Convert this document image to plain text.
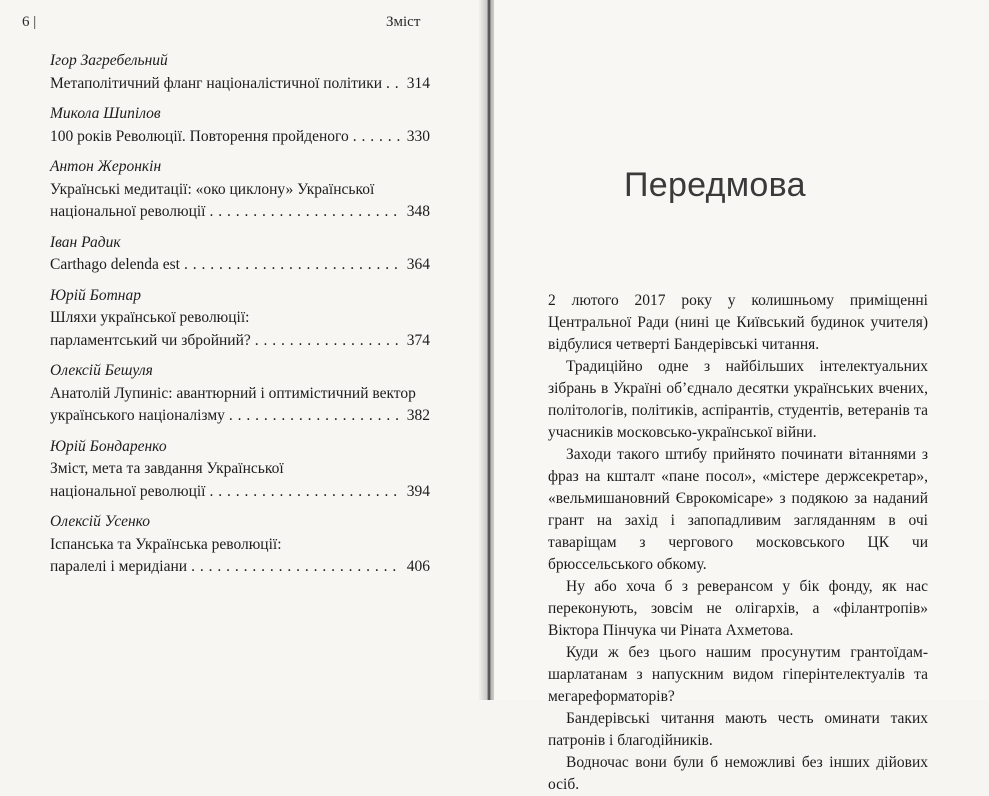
6 |	Зміст
Ігор Загребельний
Метаполітичний фланг націоналістичної політики . . . 314
Микола Шипілов
100 років Революції. Повторення пройденого . . .	330
Антон Жеронкін
Українські медитації: «око циклону» Української
національної революції . . .	348
Іван Радик
Carthago delenda est . . .	364
Юрій Ботнар
Шляхи української революції:
парламентський чи збройний? . . .	374
Олексій Бешуля
Анатолій Лупиніс: авантюрний і оптимістичний вектор
українського націоналізму . . .	382
Юрій Бондаренко
Зміст, мета та завдання Української
національної революції . . .	394
Олексій Усенко
Іспанська та Українська революції:
паралелі і меридіани . . .	406
Передмова

2 лютого 2017 року у колишньому приміщенні Центральної Ради (нині це Київський будинок учителя) відбулися четверті Бандерівські читання.

Традиційно одне з найбільших інтелектуальних зібрань в Україні об’єднало десятки українських вчених, політологів, політиків, аспірантів, студентів, ветеранів та учасників московсько-української війни.

Заходи такого штибу прийнято починати вітаннями з фраз на кшталт «пане посол», «містере держсекретар», «вельмишановний Єврокомісаре» з подякою за наданий грант на захід і запопадливим загляданням в очі таваріщам з чергового московського ЦК чи брюссельського обкому.

Ну або хоча б з реверансом у бік фонду, як нас переконують, зовсім не олігархів, а «філантропів» Віктора Пінчука чи Ріната Ахметова.

Куди ж без цього нашим просунутим грантоїдам-шарлатанам з напускним видом гіперінтелектуалів та мегареформаторів?

Бандерівські читання мають честь оминати таких патронів і благодійників.

Водночас вони були б неможливі без інших дійових осіб.
